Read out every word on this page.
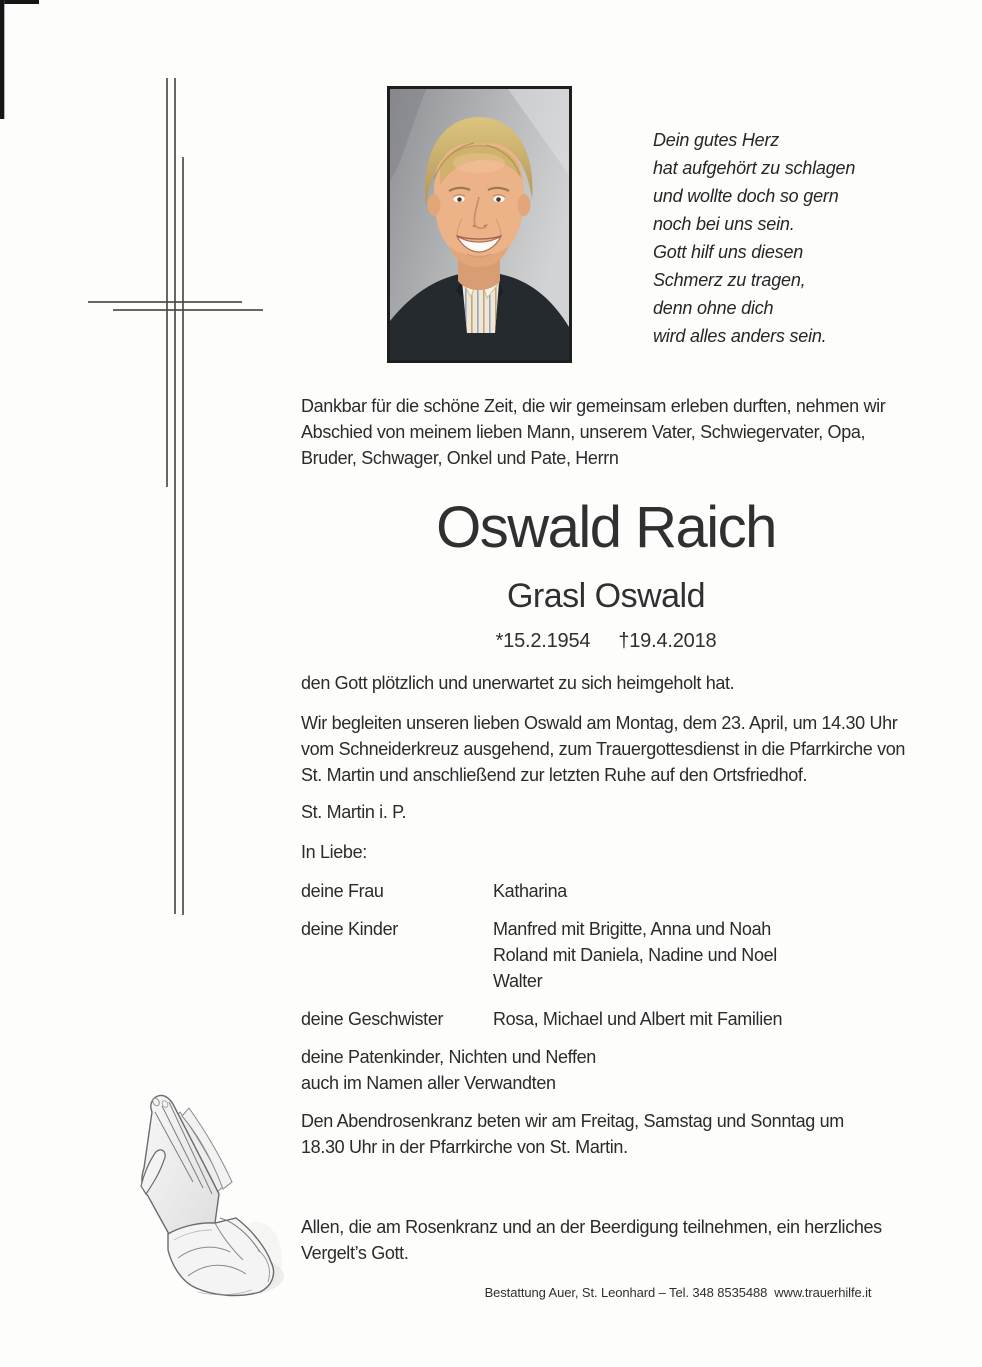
Dein gutes Herz
hat aufgehört zu schlagen
und wollte doch so gern
noch bei uns sein.
Gott hilf uns diesen
Schmerz zu tragen,
denn ohne dich
wird alles anders sein.
Dankbar für die schöne Zeit, die wir gemeinsam erleben durften, nehmen wir
Abschied von meinem lieben Mann, unserem Vater, Schwiegervater, Opa,
Bruder, Schwager, Onkel und Pate, Herrn
Oswald Raich
Grasl Oswald
*15.2.1954 †19.4.2018
den Gott plötzlich und unerwartet zu sich heimgeholt hat.
Wir begleiten unseren lieben Oswald am Montag, dem 23. April, um 14.30 Uhr
vom Schneiderkreuz ausgehend, zum Trauergottesdienst in die Pfarrkirche von
St. Martin und anschließend zur letzten Ruhe auf den Ortsfriedhof.
St. Martin i. P.
In Liebe:
deine Frau	Katharina
deine Kinder	Manfred mit Brigitte, Anna und Noah
Roland mit Daniela, Nadine und Noel
Walter
deine Geschwister	Rosa, Michael und Albert mit Familien
deine Patenkinder, Nichten und Neffen
auch im Namen aller Verwandten
Den Abendrosenkranz beten wir am Freitag, Samstag und Sonntag um
18.30 Uhr in der Pfarrkirche von St. Martin.
Allen, die am Rosenkranz und an der Beerdigung teilnehmen, ein herzliches
Vergelt’s Gott.
Bestattung Auer, St. Leonhard – Tel. 348 8535488  www.trauerhilfe.it
